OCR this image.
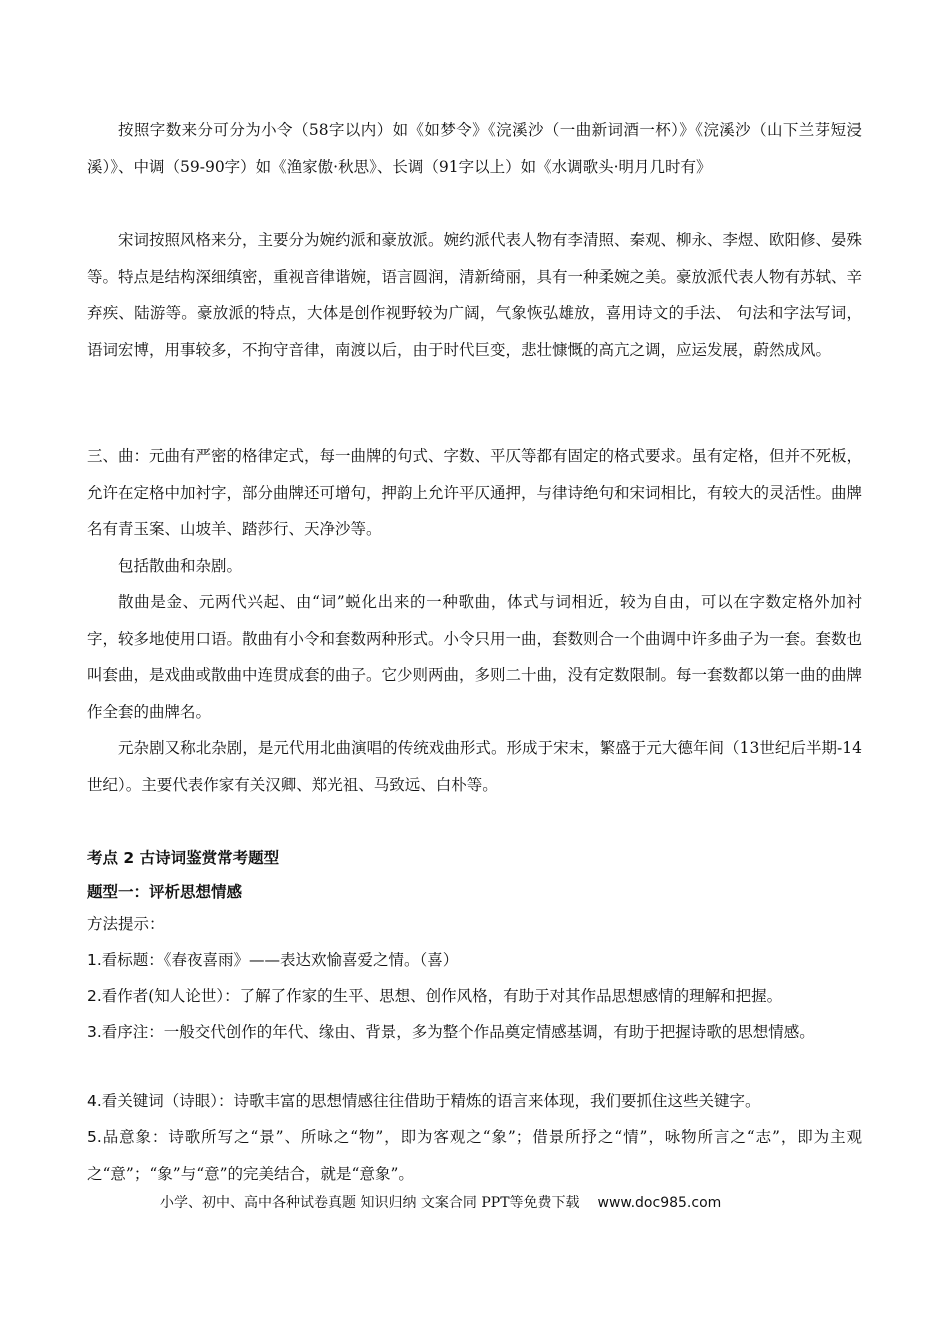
按照字数来分可分为小令（58字以内）如《如梦令》《浣溪沙（一曲新词酒一杯）》《浣溪沙（山下兰芽短浸溪）》、中调（59-90字）如《渔家傲·秋思》、长调（91字以上）如《水调歌头·明月几时有》

宋词按照风格来分，主要分为婉约派和豪放派。婉约派代表人物有李清照、秦观、柳永、李煜、欧阳修、晏殊等。特点是结构深细缜密，重视音律谐婉，语言圆润，清新绮丽，具有一种柔婉之美。豪放派代表人物有苏轼、辛弃疾、陆游等。豪放派的特点，大体是创作视野较为广阔，气象恢弘雄放，喜用诗文的手法、 句法和字法写词，语词宏博，用事较多，不拘守音律，南渡以后，由于时代巨变，悲壮慷慨的高亢之调，应运发展，蔚然成风。

三、曲：元曲有严密的格律定式，每一曲牌的句式、字数、平仄等都有固定的格式要求。虽有定格，但并不死板，允许在定格中加衬字，部分曲牌还可增句，押韵上允许平仄通押，与律诗绝句和宋词相比，有较大的灵活性。曲牌名有青玉案、山坡羊、踏莎行、天净沙等。

包括散曲和杂剧。

散曲是金、元两代兴起、由“词”蜕化出来的一种歌曲，体式与词相近，较为自由，可以在字数定格外加衬字，较多地使用口语。散曲有小令和套数两种形式。小令只用一曲，套数则合一个曲调中许多曲子为一套。套数也叫套曲，是戏曲或散曲中连贯成套的曲子。它少则两曲，多则二十曲，没有定数限制。每一套数都以第一曲的曲牌作全套的曲牌名。

元杂剧又称北杂剧，是元代用北曲演唱的传统戏曲形式。形成于宋末，繁盛于元大德年间（13世纪后半期-14世纪）。主要代表作家有关汉卿、郑光祖、马致远、白朴等。

考点 2 古诗词鉴赏常考题型

题型一：评析思想情感

方法提示：

1.看标题：《春夜喜雨》——表达欢愉喜爱之情。（喜）

2.看作者(知人论世）：了解了作家的生平、思想、创作风格，有助于对其作品思想感情的理解和把握。

3.看序注：一般交代创作的年代、缘由、背景，多为整个作品奠定情感基调，有助于把握诗歌的思想情感。

4.看关键词（诗眼）：诗歌丰富的思想情感往往借助于精炼的语言来体现，我们要抓住这些关键字。

5.品意象：诗歌所写之“景”、所咏之“物”，即为客观之“象”；借景所抒之“情”，咏物所言之“志”，即为主观之“意”；“象”与“意”的完美结合，就是“意象”。

小学、初中、高中各种试卷真题 知识归纳 文案合同 PPT等免费下载 www.doc985.com
